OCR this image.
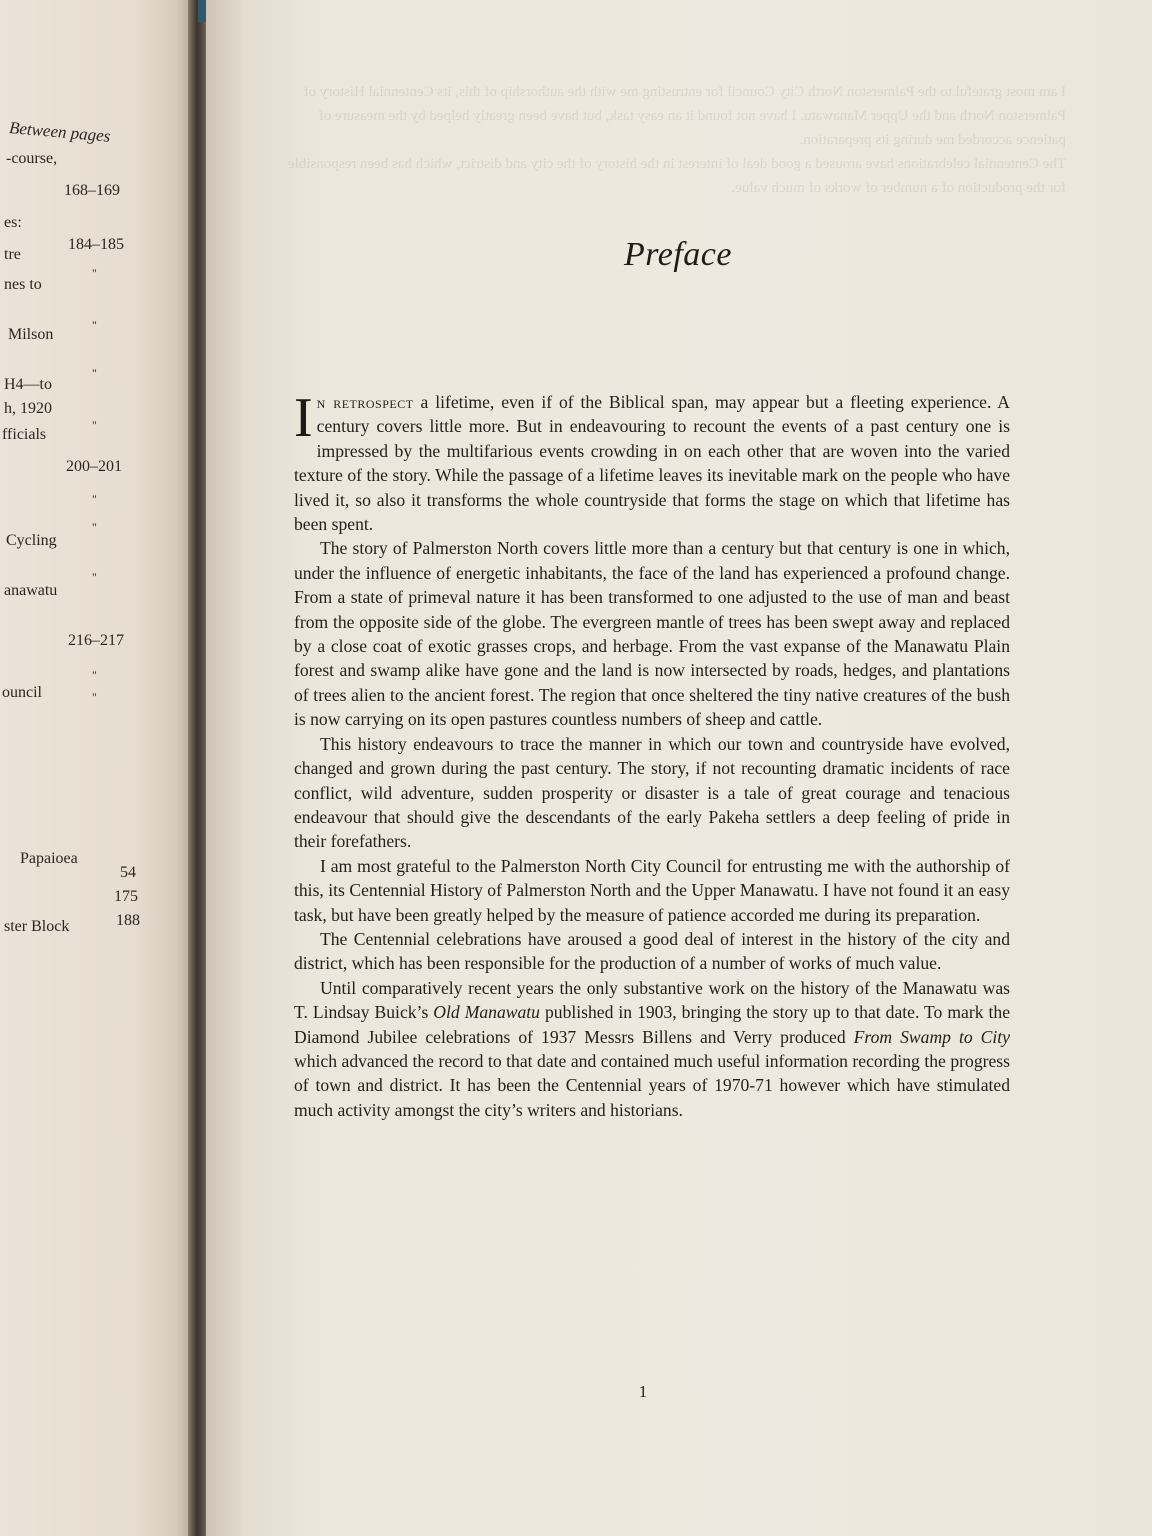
Between pages
-course,
168–169
es:
184–185
tre
"
nes to
"
Milson
"
H4—to
h, 1920
"
fficials
200–201
"
"
Cycling
"
anawatu
216–217
"
ouncil	"
Papaioea
54
175
ster Block	188

I am most grateful to the Palmerston North City Council for entrusting me with the authorship of this, its Centennial History of Palmerston North and the Upper Manawatu. I have not found it an easy task, but have been greatly helped by the measure of patience accorded me during its preparation.

The Centennial celebrations have aroused a good deal of interest in the history of the city and district, which has been responsible for the production of a number of works of much value.

Preface

In retrospect a lifetime, even if of the Biblical span, may appear but a fleeting experience. A century covers little more. But in endeavouring to recount the events of a past century one is impressed by the multifarious events crowding in on each other that are woven into the varied texture of the story. While the passage of a lifetime leaves its inevitable mark on the people who have lived it, so also it transforms the whole countryside that forms the stage on which that lifetime has been spent.

The story of Palmerston North covers little more than a century but that century is one in which, under the influence of energetic inhabitants, the face of the land has experienced a profound change. From a state of primeval nature it has been transformed to one adjusted to the use of man and beast from the opposite side of the globe. The evergreen mantle of trees has been swept away and replaced by a close coat of exotic grasses crops, and herbage. From the vast expanse of the Manawatu Plain forest and swamp alike have gone and the land is now intersected by roads, hedges, and plantations of trees alien to the ancient forest. The region that once sheltered the tiny native creatures of the bush is now carrying on its open pastures countless numbers of sheep and cattle.

This history endeavours to trace the manner in which our town and countryside have evolved, changed and grown during the past century. The story, if not recounting dramatic incidents of race conflict, wild adventure, sudden prosperity or disaster is a tale of great courage and tenacious endeavour that should give the descendants of the early Pakeha settlers a deep feeling of pride in their forefathers.

I am most grateful to the Palmerston North City Council for entrusting me with the authorship of this, its Centennial History of Palmerston North and the Upper Manawatu. I have not found it an easy task, but have been greatly helped by the measure of patience accorded me during its preparation.

The Centennial celebrations have aroused a good deal of interest in the history of the city and district, which has been responsible for the production of a number of works of much value.

Until comparatively recent years the only substantive work on the history of the Manawatu was T. Lindsay Buick’s Old Manawatu published in 1903, bringing the story up to that date. To mark the Diamond Jubilee celebrations of 1937 Messrs Billens and Verry produced From Swamp to City which advanced the record to that date and contained much useful information recording the progress of town and district. It has been the Centennial years of 1970-71 however which have stimulated much activity amongst the city’s writers and historians.

1
